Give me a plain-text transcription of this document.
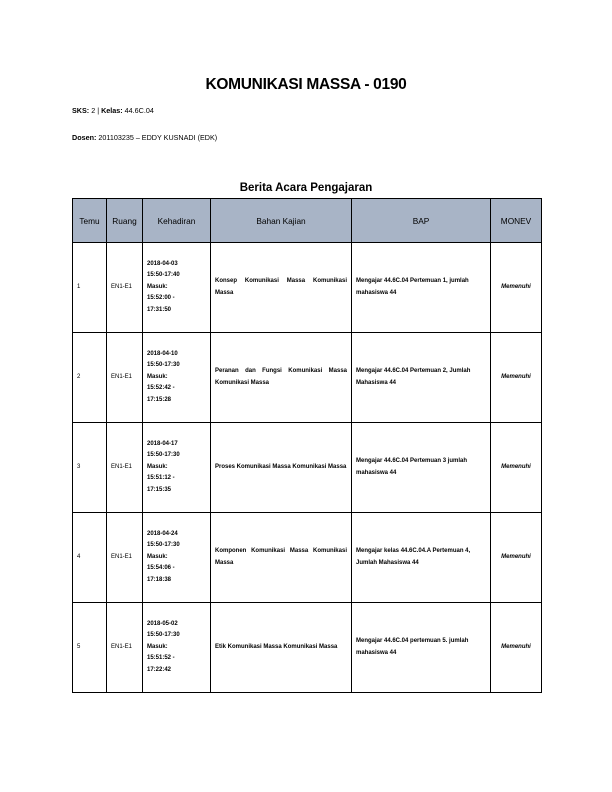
KOMUNIKASI MASSA - 0190
SKS: 2 | Kelas: 44.6C.04
Dosen: 201103235 – EDDY KUSNADI (EDK)
Berita Acara Pengajaran
Temu	Ruang	Kehadiran	Bahan Kajian	BAP	MONEV
1	EN1-E1	2018-04-03
15:50-17:40
Masuk:
15:52:00 -
17:31:50	Konsep Komunikasi Massa Komunikasi Massa	Mengajar 44.6C.04 Pertemuan 1, jumlah mahasiswa 44	Memenuhi
2	EN1-E1	2018-04-10
15:50-17:30
Masuk:
15:52:42 -
17:15:28	Peranan dan Fungsi Komunikasi Massa Komunikasi Massa	Mengajar 44.6C.04 Pertemuan 2, Jumlah Mahasiswa 44	Memenuhi
3	EN1-E1	2018-04-17
15:50-17:30
Masuk:
15:51:12 -
17:15:35	Proses Komunikasi Massa Komunikasi Massa	Mengajar 44.6C.04 Pertemuan 3 jumlah mahasiswa 44	Memenuhi
4	EN1-E1	2018-04-24
15:50-17:30
Masuk:
15:54:06 -
17:18:38	Komponen Komunikasi Massa Komunikasi Massa	Mengajar kelas 44.6C.04.A Pertemuan 4, Jumlah Mahasiswa 44	Memenuhi
5	EN1-E1	2018-05-02
15:50-17:30
Masuk:
15:51:52 -
17:22:42	Etik Komunikasi Massa Komunikasi Massa	Mengajar 44.6C.04 pertemuan 5. jumlah mahasiswa 44	Memenuhi
